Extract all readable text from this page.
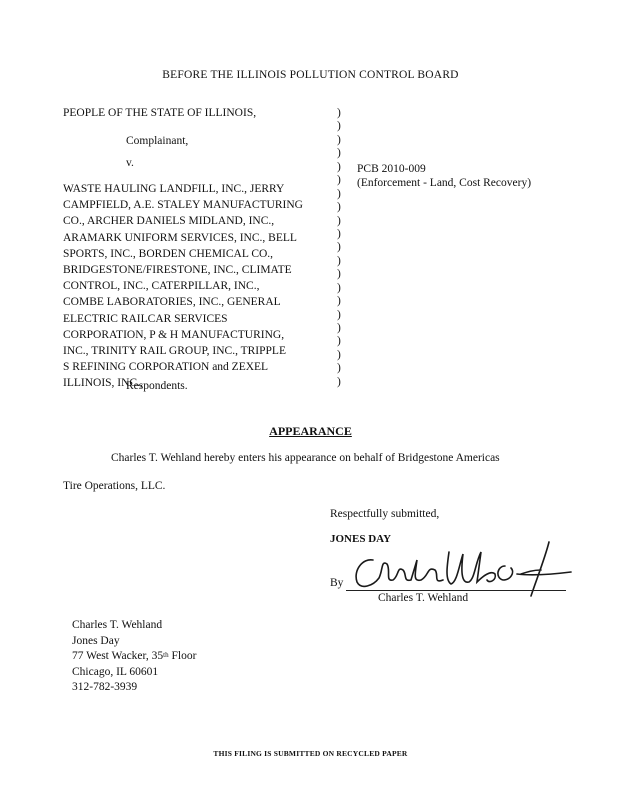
BEFORE THE ILLINOIS POLLUTION CONTROL BOARD
PEOPLE OF THE STATE OF ILLINOIS,
Complainant,
v.
WASTE HAULING LANDFILL, INC., JERRY
CAMPFIELD, A.E. STALEY MANUFACTURING
CO., ARCHER DANIELS MIDLAND, INC.,
ARAMARK UNIFORM SERVICES, INC., BELL
SPORTS, INC., BORDEN CHEMICAL CO.,
BRIDGESTONE/FIRESTONE, INC., CLIMATE
CONTROL, INC., CATERPILLAR, INC.,
COMBE LABORATORIES, INC., GENERAL
ELECTRIC RAILCAR SERVICES
CORPORATION, P & H MANUFACTURING,
INC., TRINITY RAIL GROUP, INC., TRIPPLE
S REFINING CORPORATION and ZEXEL
ILLINOIS, INC.,
Respondents.
)
)
)
)
)
)
)
)
)
)
)
)
)
)
)
)
)
)
)
)
)
PCB 2010-009
(Enforcement - Land, Cost Recovery)
APPEARANCE
Charles T. Wehland hereby enters his appearance on behalf of Bridgestone Americas
Tire Operations, LLC.
Respectfully submitted,
JONES DAY
By
Charles T. Wehland
Charles T. Wehland
Jones Day
77 West Wacker, 35th Floor
Chicago, IL 60601
312-782-3939
THIS FILING IS SUBMITTED ON RECYCLED PAPER
